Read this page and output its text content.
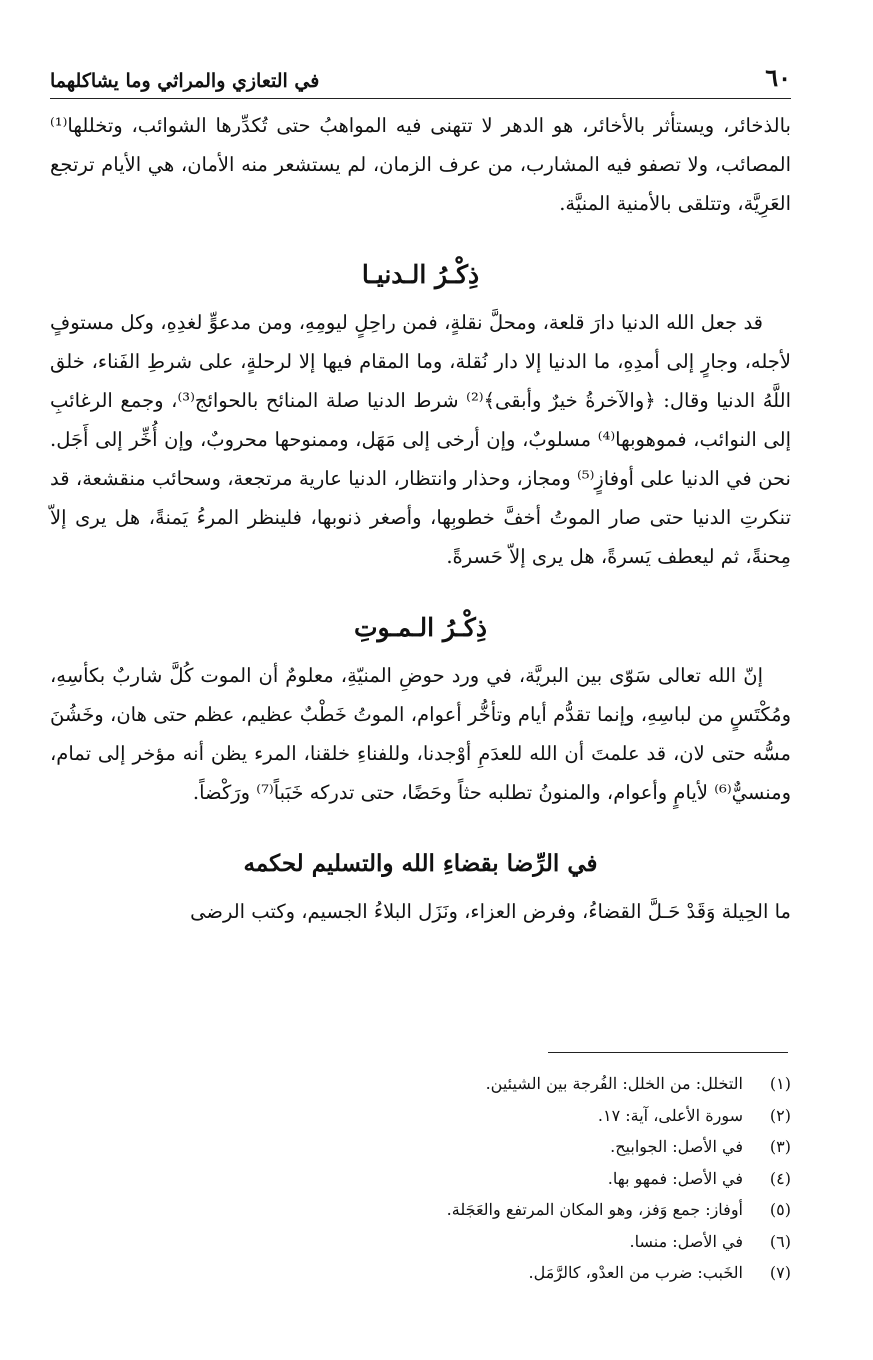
٦٠
في التعازي والمراثي وما يشاكلهما

بالذخائر، ويستأثر بالأخائر، هو الدهر لا تتهنى فيه المواهبُ حتى تُكدِّرها الشوائب، وتخللها⁽¹⁾ المصائب، ولا تصفو فيه المشارب، من عرف الزمان، لم يستشعر منه الأمان، هي الأيام ترتجع العَرِيَّة، وتتلقى بالأمنية المنيَّة.

ذِكْـرُ الـدنيـا

قد جعل الله الدنيا دارَ قلعة، ومحلَّ نقلةٍ، فمن راحِلٍ ليومِهِ، ومن مدعوٍّ لغدِهِ، وكل مستوفٍ لأجله، وجارٍ إلى أمدِهِ، ما الدنيا إلا دار نُقلة، وما المقام فيها إلا لرحلةٍ، على شرطِ الفَناء، خلق اللَّهُ الدنيا وقال: ﴿والآخرةُ خيرٌ وأبقى﴾⁽²⁾ شرط الدنيا صلة المنائح بالحوائج⁽³⁾، وجمع الرغائبِ إلى النوائب، فموهوبها⁽⁴⁾ مسلوبٌ، وإن أرخى إلى مَهَل، وممنوحها محروبٌ، وإن أُخِّر إلى أَجَل. نحن في الدنيا على أوفازٍ⁽⁵⁾ ومجاز، وحذار وانتظار، الدنيا عارية مرتجعة، وسحائب منقشعة، قد تنكرتِ الدنيا حتى صار الموتُ أخفَّ خطوبِها، وأصغر ذنوبها، فلينظر المرءُ يَمنةً، هل يرى إلاّ مِحنةً، ثم ليعطف يَسرةً، هل يرى إلاّ حَسرةً.

ذِكْـرُ الـمـوتِ

إنّ الله تعالى سَوّى بين البريَّة، في ورد حوضِ المنيّةِ، معلومٌ أن الموت كُلَّ شاربٌ بكأسِهِ، ومُكْتَسٍ من لباسِهِ، وإنما تقدُّم أيام وتأخُّر أعوام، الموتُ خَطْبٌ عظيم، عظم حتى هان، وخَشُنَ مسُّه حتى لان، قد علمتَ أن الله للعدَمِ أوْجدنا، وللفناءِ خلقنا، المرء يظن أنه مؤخر إلى تمام، ومنسيٌّ⁽⁶⁾ لأيامٍ وأعوام، والمنونُ تطلبه حثاً وحَضًا، حتى تدركه خَبَباً⁽⁷⁾ ورَكْضاً.

في الرِّضا بقضاءِ الله والتسليم لحكمه

ما الحِيلة وَقَدْ حَـلَّ القضاءُ، وفرض العزاء، ونَزَل البلاءُ الجسيم، وكتب الرضى

(١)
التخلل: من الخلل: الفُرجة بين الشيئين.
(٢)
سورة الأعلى، آية: ١٧.
(٣)
في الأصل: الجوابيح.
(٤)
في الأصل: فمهو بها.
(٥)
أوفاز: جمع وَفز، وهو المكان المرتفع والعَجَلة.
(٦)
في الأصل: منسا.
(٧)
الخَبب: ضرب من العدْو، كالرَّمَل.
